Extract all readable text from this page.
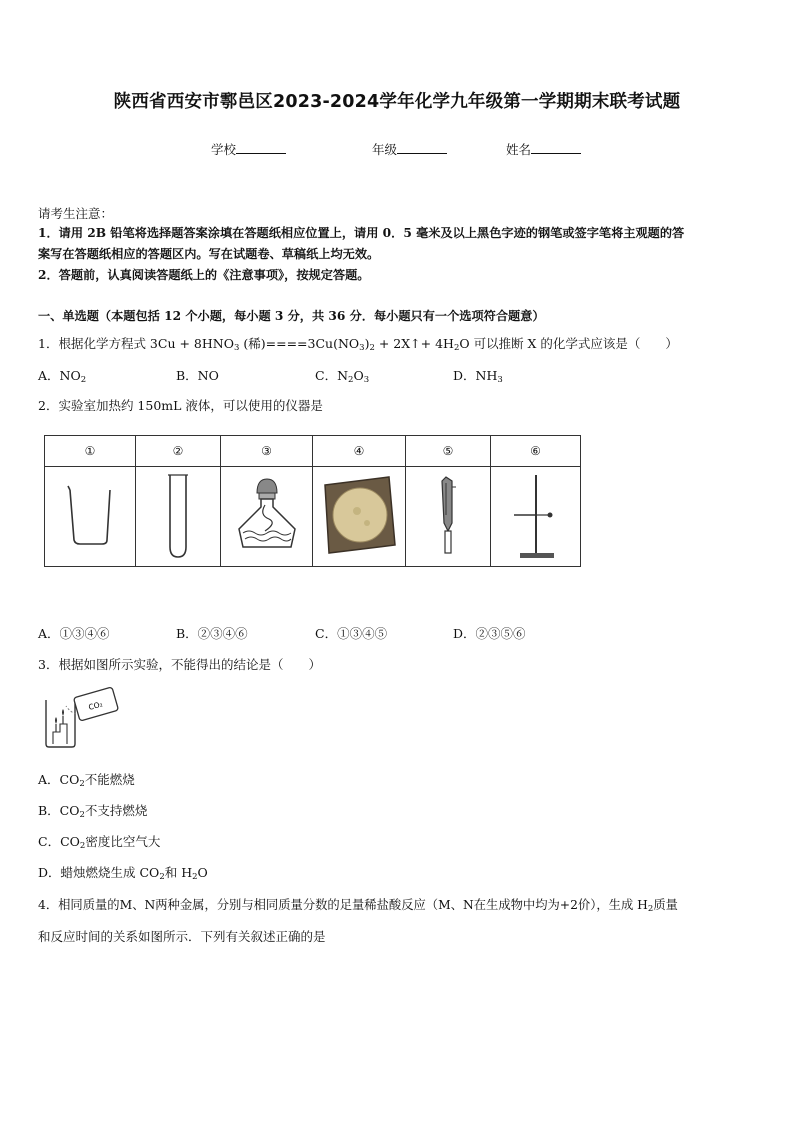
陕西省西安市鄠邑区2023-2024学年化学九年级第一学期期末联考试题
学校	年级	姓名
请考生注意：
1．请用 2B 铅笔将选择题答案涂填在答题纸相应位置上，请用 0．5 毫米及以上黑色字迹的钢笔或签字笔将主观题的答
案写在答题纸相应的答题区内。写在试题卷、草稿纸上均无效。
2．答题前，认真阅读答题纸上的《注意事项》，按规定答题。
一、单选题（本题包括 12 个小题，每小题 3 分，共 36 分．每小题只有一个选项符合题意）
1．根据化学方程式 $3Cu + 8HNO_3$ (稀)$====3Cu(NO_3)_2$ + 2X↑+ $4H_2O$ 可以推断 X 的化学式应该是（　　）
A．$NO_2$	B．NO	C．$N_2O_3$	D．$NH_3$
2．实验室加热约 150mL 液体，可以使用的仪器是
①	②	③	④	⑤	⑥

A．①③④⑥	B．②③④⑥	C．①③④⑤	D．②③⑤⑥
3．根据如图所示实验，不能得出的结论是（　　）
CO₂
A．$CO_2$不能燃烧
B．$CO_2$不支持燃烧
C．$CO_2$密度比空气大
D．蜡烛燃烧生成 $CO_2$和 $H_2O$
4．相同质量的M、N两种金属，分别与相同质量分数的足量稀盐酸反应（M、N在生成物中均为+2价），生成 $H_2$质量
和反应时间的关系如图所示．下列有关叙述正确的是
